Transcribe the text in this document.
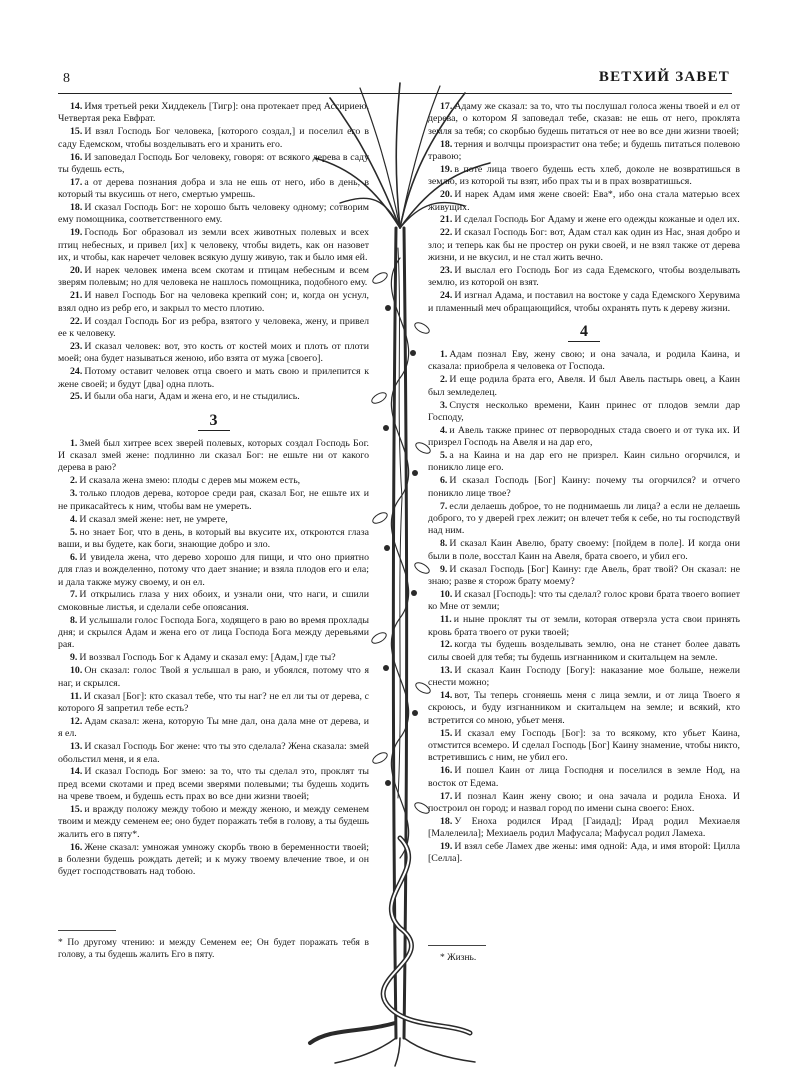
8	ВЕТХИЙ ЗАВЕТ

14. Имя третьей реки Хиддекель [Тигр]: она протекает пред Ассириею. Четвертая река Евфрат.

15. И взял Господь Бог человека, [которого создал,] и поселил его в саду Едемском, чтобы возделывать его и хранить его.

16. И заповедал Господь Бог человеку, говоря: от всякого дерева в саду ты будешь есть,

17. а от дерева познания добра и зла не ешь от него, ибо в день, в который ты вкусишь от него, смертью умрешь.

18. И сказал Господь Бог: не хорошо быть человеку одному; сотворим ему помощника, соответственного ему.

19. Господь Бог образовал из земли всех животных полевых и всех птиц небесных, и привел [их] к человеку, чтобы видеть, как он назовет их, и чтобы, как наречет человек всякую душу живую, так и было имя ей.

20. И нарек человек имена всем скотам и птицам небесным и всем зверям полевым; но для человека не нашлось помощника, подобного ему.

21. И навел Господь Бог на человека крепкий сон; и, когда он уснул, взял одно из ребр его, и закрыл то место плотию.

22. И создал Господь Бог из ребра, взятого у человека, жену, и привел ее к человеку.

23. И сказал человек: вот, это кость от костей моих и плоть от плоти моей; она будет называться женою, ибо взята от мужа [своего].

24. Потому оставит человек отца своего и мать свою и прилепится к жене своей; и будут [два] одна плоть.

25. И были оба наги, Адам и жена его, и не стыдились.

3

1. Змей был хитрее всех зверей полевых, которых создал Господь Бог. И сказал змей жене: подлинно ли сказал Бог: не ешьте ни от какого дерева в раю?

2. И сказала жена змею: плоды с дерев мы можем есть,

3. только плодов дерева, которое среди рая, сказал Бог, не ешьте их и не прикасайтесь к ним, чтобы вам не умереть.

4. И сказал змей жене: нет, не умрете,

5. но знает Бог, что в день, в который вы вкусите их, откроются глаза ваши, и вы будете, как боги, знающие добро и зло.

6. И увидела жена, что дерево хорошо для пищи, и что оно приятно для глаз и вожделенно, потому что дает знание; и взяла плодов его и ела; и дала также мужу своему, и он ел.

7. И открылись глаза у них обоих, и узнали они, что наги, и сшили смоковные листья, и сделали себе опоясания.

8. И услышали голос Господа Бога, ходящего в раю во время прохлады дня; и скрылся Адам и жена его от лица Господа Бога между деревьями рая.

9. И воззвал Господь Бог к Адаму и сказал ему: [Адам,] где ты?

10. Он сказал: голос Твой я услышал в раю, и убоялся, потому что я наг, и скрылся.

11. И сказал [Бог]: кто сказал тебе, что ты наг? не ел ли ты от дерева, с которого Я запретил тебе есть?

12. Адам сказал: жена, которую Ты мне дал, она дала мне от дерева, и я ел.

13. И сказал Господь Бог жене: что ты это сделала? Жена сказала: змей обольстил меня, и я ела.

14. И сказал Господь Бог змею: за то, что ты сделал это, проклят ты пред всеми скотами и пред всеми зверями полевыми; ты будешь ходить на чреве твоем, и будешь есть прах во все дни жизни твоей;

15. и вражду положу между тобою и между женою, и между семенем твоим и между семенем ее; оно будет поражать тебя в голову, а ты будешь жалить его в пяту*.

16. Жене сказал: умножая умножу скорбь твою в беременности твоей; в болезни будешь рождать детей; и к мужу твоему влечение твое, и он будет господствовать над тобою.

17. Адаму же сказал: за то, что ты послушал голоса жены твоей и ел от дерева, о котором Я заповедал тебе, сказав: не ешь от него, проклята земля за тебя; со скорбью будешь питаться от нее во все дни жизни твоей;

18. терния и волчцы произрастит она тебе; и будешь питаться полевою травою;

19. в поте лица твоего будешь есть хлеб, доколе не возвратишься в землю, из которой ты взят, ибо прах ты и в прах возвратишься.

20. И нарек Адам имя жене своей: Ева*, ибо она стала матерью всех живущих.

21. И сделал Господь Бог Адаму и жене его одежды кожаные и одел их.

22. И сказал Господь Бог: вот, Адам стал как один из Нас, зная добро и зло; и теперь как бы не простер он руки своей, и не взял также от дерева жизни, и не вкусил, и не стал жить вечно.

23. И выслал его Господь Бог из сада Едемского, чтобы возделывать землю, из которой он взят.

24. И изгнал Адама, и поставил на востоке у сада Едемского Херувима и пламенный меч обращающийся, чтобы охранять путь к дереву жизни.

4

1. Адам познал Еву, жену свою; и она зачала, и родила Каина, и сказала: приобрела я человека от Господа.

2. И еще родила брата его, Авеля. И был Авель пастырь овец, а Каин был земледелец.

3. Спустя несколько времени, Каин принес от плодов земли дар Господу,

4. и Авель также принес от первородных стада своего и от тука их. И призрел Господь на Авеля и на дар его,

5. а на Каина и на дар его не призрел. Каин сильно огорчился, и поникло лице его.

6. И сказал Господь [Бог] Каину: почему ты огорчился? и отчего поникло лице твое?

7. если делаешь доброе, то не поднимаешь ли лица? а если не делаешь доброго, то у дверей грех лежит; он влечет тебя к себе, но ты господствуй над ним.

8. И сказал Каин Авелю, брату своему: [пойдем в поле]. И когда они были в поле, восстал Каин на Авеля, брата своего, и убил его.

9. И сказал Господь [Бог] Каину: где Авель, брат твой? Он сказал: не знаю; разве я сторож брату моему?

10. И сказал [Господь]: что ты сделал? голос крови брата твоего вопиет ко Мне от земли;

11. и ныне проклят ты от земли, которая отверзла уста свои принять кровь брата твоего от руки твоей;

12. когда ты будешь возделывать землю, она не станет более давать силы своей для тебя; ты будешь изгнанником и скитальцем на земле.

13. И сказал Каин Господу [Богу]: наказание мое больше, нежели снести можно;

14. вот, Ты теперь сгоняешь меня с лица земли, и от лица Твоего я скроюсь, и буду изгнанником и скитальцем на земле; и всякий, кто встретится со мною, убьет меня.

15. И сказал ему Господь [Бог]: за то всякому, кто убьет Каина, отмстится всемеро. И сделал Господь [Бог] Каину знамение, чтобы никто, встретившись с ним, не убил его.

16. И пошел Каин от лица Господня и поселился в земле Нод, на восток от Едема.

17. И познал Каин жену свою; и она зачала и родила Еноха. И построил он город; и назвал город по имени сына своего: Енох.

18. У Еноха родился Ирад [Гаидад]; Ирад родил Мехиаеля [Малелеила]; Мехиаель родил Мафусала; Мафусал родил Ламеха.

19. И взял себе Ламех две жены: имя одной: Ада, и имя второй: Цилла [Селла].

* По другому чтению: и между Семенем ее; Он будет поражать тебя в голову, а ты будешь жалить Его в пяту.	* Жизнь.
